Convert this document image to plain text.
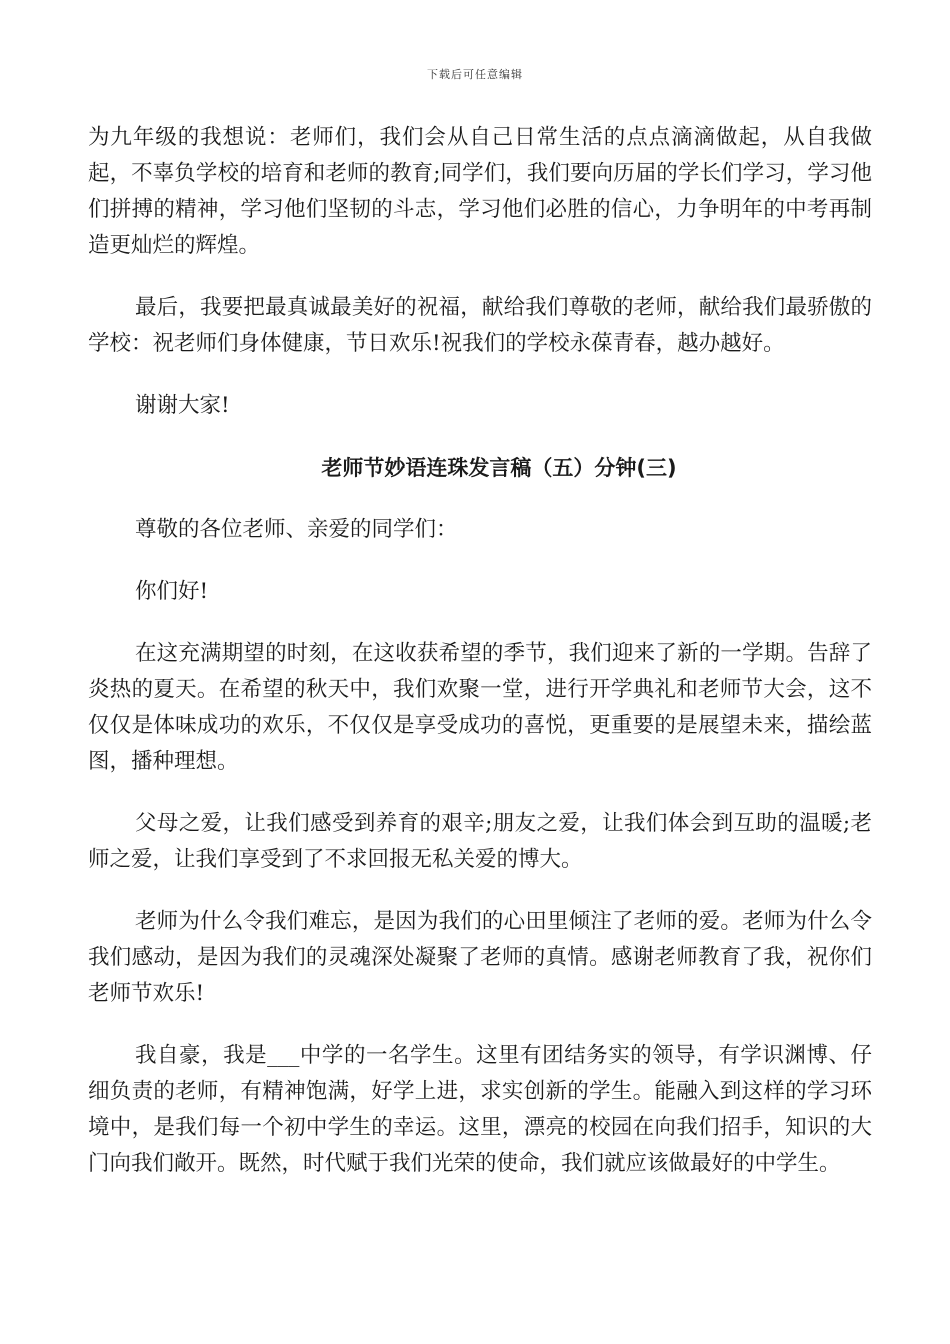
下载后可任意编辑

为九年级的我想说：老师们，我们会从自己日常生活的点点滴滴做起，从自我做起，不辜负学校的培育和老师的教育;同学们，我们要向历届的学长们学习，学习他们拼搏的精神，学习他们坚韧的斗志，学习他们必胜的信心，力争明年的中考再制造更灿烂的辉煌。

最后，我要把最真诚最美好的祝福，献给我们尊敬的老师，献给我们最骄傲的学校：祝老师们身体健康，节日欢乐!祝我们的学校永葆青春，越办越好。

谢谢大家!

老师节妙语连珠发言稿（五）分钟(三)

尊敬的各位老师、亲爱的同学们：

你们好!

在这充满期望的时刻，在这收获希望的季节，我们迎来了新的一学期。告辞了炎热的夏天。在希望的秋天中，我们欢聚一堂，进行开学典礼和老师节大会，这不仅仅是体味成功的欢乐，不仅仅是享受成功的喜悦，更重要的是展望未来，描绘蓝图，播种理想。

父母之爱，让我们感受到养育的艰辛;朋友之爱，让我们体会到互助的温暖;老师之爱，让我们享受到了不求回报无私关爱的博大。

老师为什么令我们难忘，是因为我们的心田里倾注了老师的爱。老师为什么令我们感动，是因为我们的灵魂深处凝聚了老师的真情。感谢老师教育了我，祝你们老师节欢乐!

我自豪，我是___中学的一名学生。这里有团结务实的领导，有学识渊博、仔细负责的老师，有精神饱满，好学上进，求实创新的学生。能融入到这样的学习环境中，是我们每一个初中学生的幸运。这里，漂亮的校园在向我们招手，知识的大门向我们敞开。既然，时代赋于我们光荣的使命，我们就应该做最好的中学生。
